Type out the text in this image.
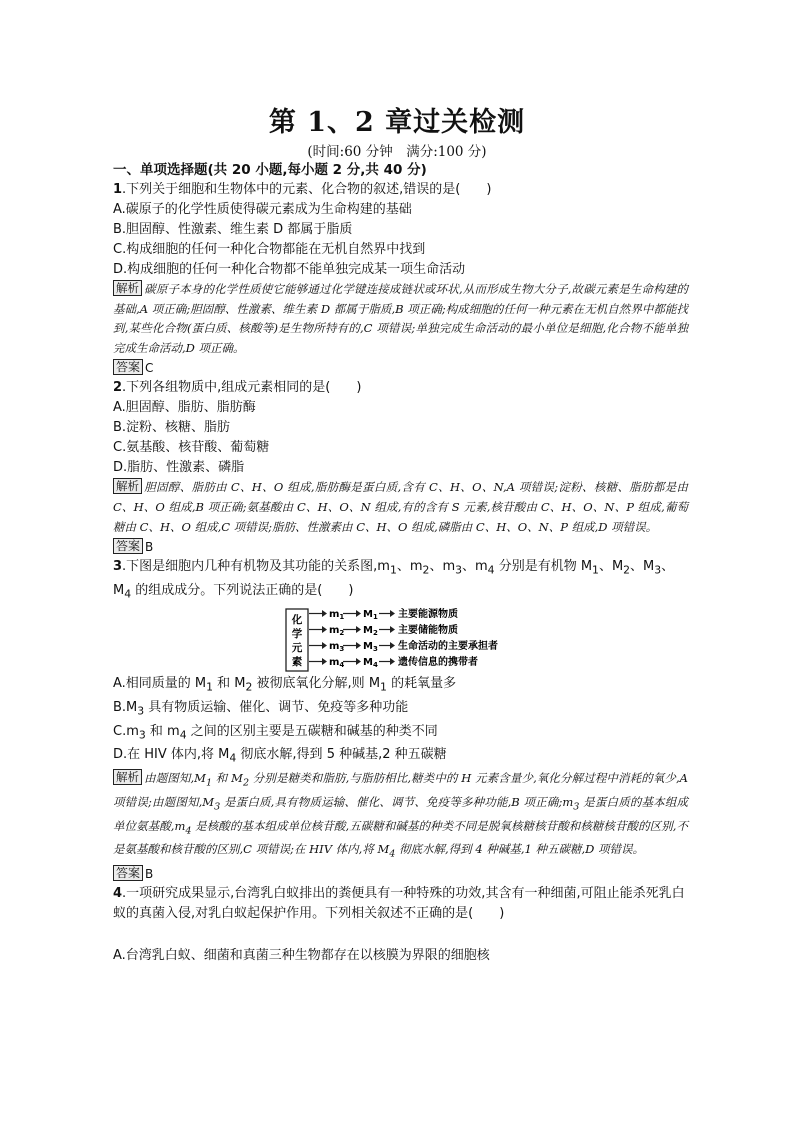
第 1、2 章过关检测
(时间:60 分钟　满分:100 分)
一、单项选择题(共 20 小题,每小题 2 分,共 40 分)
1.下列关于细胞和生物体中的元素、化合物的叙述,错误的是(　　)
A.碳原子的化学性质使得碳元素成为生命构建的基础
B.胆固醇、性激素、维生素 D 都属于脂质
C.构成细胞的任何一种化合物都能在无机自然界中找到
D.构成细胞的任何一种化合物都不能单独完成某一项生命活动
解析 碳原子本身的化学性质使它能够通过化学键连接成链状或环状,从而形成生物大分子,故碳元素是生命构建的基础,A 项正确;胆固醇、性激素、维生素 D 都属于脂质,B 项正确;构成细胞的任何一种元素在无机自然界中都能找到,某些化合物(蛋白质、核酸等)是生物所特有的,C 项错误;单独完成生命活动的最小单位是细胞,化合物不能单独完成生命活动,D 项正确。
答案 C
2.下列各组物质中,组成元素相同的是(　　)
A.胆固醇、脂肪、脂肪酶
B.淀粉、核糖、脂肪
C.氨基酸、核苷酸、葡萄糖
D.脂肪、性激素、磷脂
解析 胆固醇、脂肪由 C、H、O 组成,脂肪酶是蛋白质,含有 C、H、O、N,A 项错误;淀粉、核糖、脂肪都是由 C、H、O 组成,B 项正确;氨基酸由 C、H、O、N 组成,有的含有 S 元素,核苷酸由 C、H、O、N、P 组成,葡萄糖由 C、H、O 组成,C 项错误;脂肪、性激素由 C、H、O 组成,磷脂由 C、H、O、N、P 组成,D 项错误。
答案 B
3.下图是细胞内几种有机物及其功能的关系图$,m_1$、$m_2$、$m_3$、$m_4$ 分别是有机物 $M_1$、$M_2$、$M_3$、
$M_4$ 的组成成分。下列说法正确的是(　　)
化
学
元
素
$m_1$ $M_1$ 主要能源物质
$m_2$ $M_2$ 主要储能物质
$m_3$ $M_3$ 生命活动的主要承担者
$m_4$ $M_4$ 遗传信息的携带者
A.相同质量的 $M_1$ 和 $M_2$ 被彻底氧化分解,则 $M_1$ 的耗氧量多
$B.M_3$ 具有物质运输、催化、调节、免疫等多种功能
$C.m_3$ 和 $m_4$ 之间的区别主要是五碳糖和碱基的种类不同
D.在 HIV 体内,将 $M_4$ 彻底水解,得到 5 种碱基,2 种五碳糖
解析 由题图知$,M_1$ 和 $M_2$ 分别是糖类和脂肪,与脂肪相比,糖类中的 H 元素含量少,氧化分解过程中消耗的氧少,A 项错误;由题图知$,M_3$ 是蛋白质,具有物质运输、催化、调节、免疫等多种功能,B 项正确$;m_3$ 是蛋白质的基本组成单位氨基酸$,m_4$ 是核酸的基本组成单位核苷酸,五碳糖和碱基的种类不同是脱氧核糖核苷酸和核糖核苷酸的区别,不是氨基酸和核苷酸的区别,C 项错误;在 HIV 体内,将 $M_4$ 彻底水解,得到 4 种碱基,1 种五碳糖,D 项错误。
答案 B
4.一项研究成果显示,台湾乳白蚁排出的粪便具有一种特殊的功效,其含有一种细菌,可阻止能杀死乳白蚁的真菌入侵,对乳白蚁起保护作用。下列相关叙述不正确的是(　　)
A.台湾乳白蚁、细菌和真菌三种生物都存在以核膜为界限的细胞核
